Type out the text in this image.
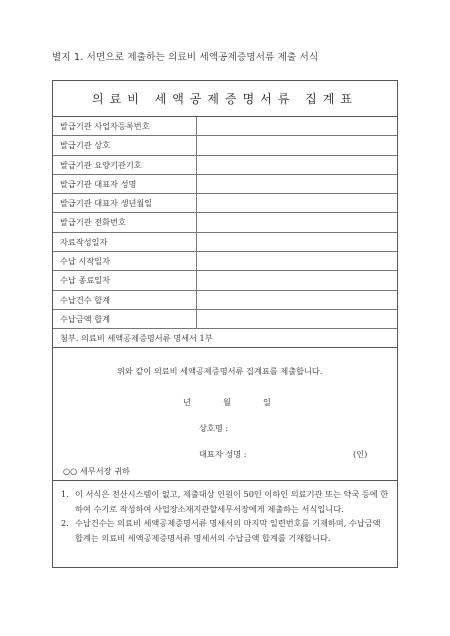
별지 1. 서면으로 제출하는 의료비 세액공제증명서류 제출 서식
의료비 세액공제증명서류 집계표
발급기관 사업자등록번호
발급기관 상호
발급기관 요양기관기호
발급기관 대표자 성명
발급기관 대표자 생년월일
발급기관 전화번호
자료작성일자
수납 시작일자
수납 종료일자
수납건수 합계
수납금액 합계
첨부. 의료비 세액공제증명서류 명세서 1부
위와 같이 의료비 세액공제증명서류 집계표를 제출합니다.
년	월	일
상호명 :
대표자 성명 :	(인)
○○ 세무서장 귀하
1. 이 서식은 전산시스템이 없고, 제출대상 인원이 50인 이하인 의료기관 또는 약국 등에 한하여 수기로 작성하여 사업장소재지관할세무서장에게 제출하는 서식입니다.
2. 수납건수는 의료비 세액공제증명서류 명세서의 마지막 일련번호를 기재하며, 수납금액 합계는 의료비 세액공제증명서류 명세서의 수납금액 합계를 기재합니다.
